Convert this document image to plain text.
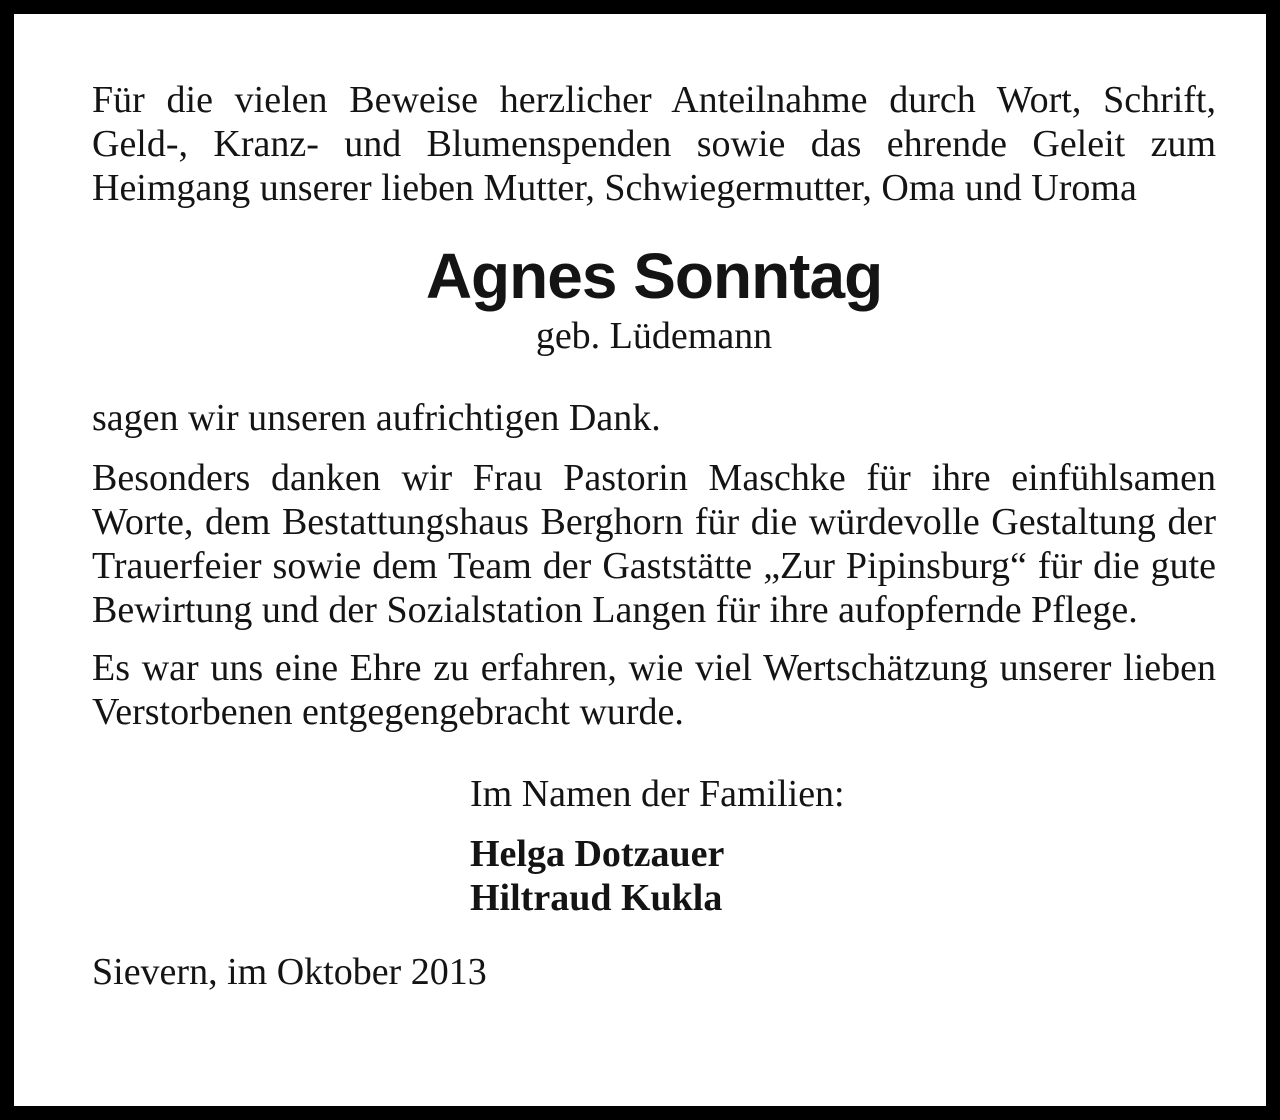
Für die vielen Beweise herzlicher Anteilnahme durch Wort, Schrift, Geld-, Kranz- und Blumenspenden sowie das ehrende Geleit zum Heimgang unserer lieben Mutter, Schwiegermutter, Oma und Uroma

Agnes Sonntag
geb. Lüdemann

sagen wir unseren aufrichtigen Dank.

Besonders danken wir Frau Pastorin Maschke für ihre einfühlsamen Worte, dem Bestattungshaus Berghorn für die würdevolle Gestaltung der Trauerfeier sowie dem Team der Gaststätte „Zur Pipinsburg“ für die gute Bewirtung und der Sozialstation Langen für ihre aufopfernde Pflege.

Es war uns eine Ehre zu erfahren, wie viel Wertschätzung unserer lieben Verstorbenen entgegengebracht wurde.

Im Namen der Familien:

Helga Dotzauer
Hiltraud Kukla

Sievern, im Oktober 2013
